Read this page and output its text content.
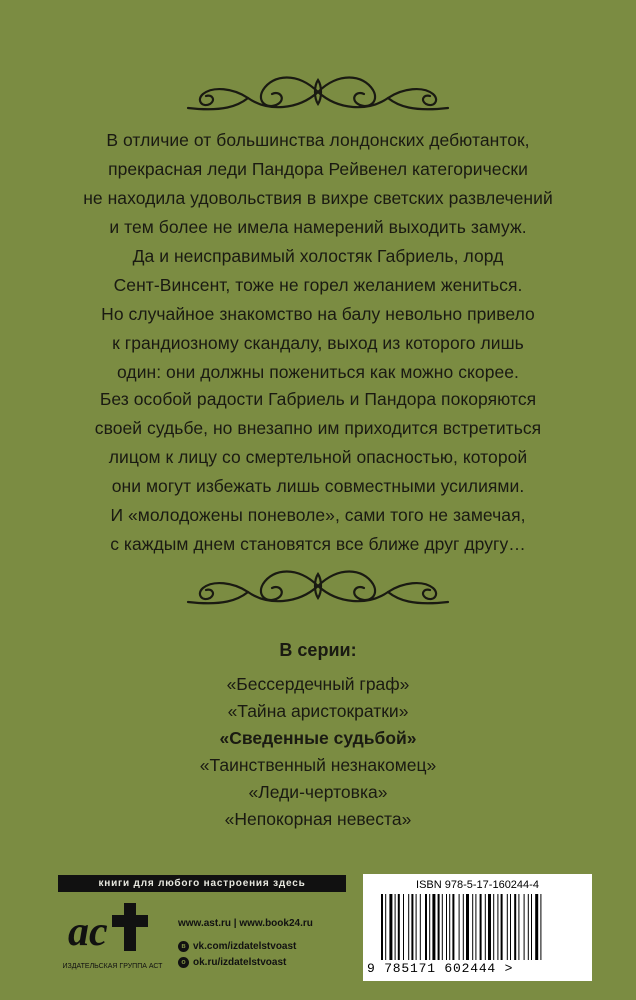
В отличие от большинства лондонских дебютанток,
прекрасная леди Пандора Рейвенел категорически
не находила удовольствия в вихре светских развлечений
и тем более не имела намерений выходить замуж.
Да и неисправимый холостяк Габриель, лорд
Сент-Винсент, тоже не горел желанием жениться.
Но случайное знакомство на балу невольно привело
к грандиозному скандалу, выход из которого лишь
один: они должны пожениться как можно скорее.
Без особой радости Габриель и Пандора покоряются
своей судьбе, но внезапно им приходится встретиться
лицом к лицу со смертельной опасностью, которой
они могут избежать лишь совместными усилиями.
И «молодожены поневоле», сами того не замечая,
с каждым днем становятся все ближе друг другу…
В серии:
«Бессердечный граф»
«Тайна аристократки»
«Сведенные судьбой»
«Таинственный незнакомец»
«Леди-чертовка»
«Непокорная невеста»
книги для любого настроения здесь
ac
ИЗДАТЕЛЬСКАЯ ГРУППА АСТ
www.ast.ru | www.book24.ru
в vk.com/izdatelstvoast
o ok.ru/izdatelstvoast
ISBN 978-5-17-160244-4
9 785171 602444 >
